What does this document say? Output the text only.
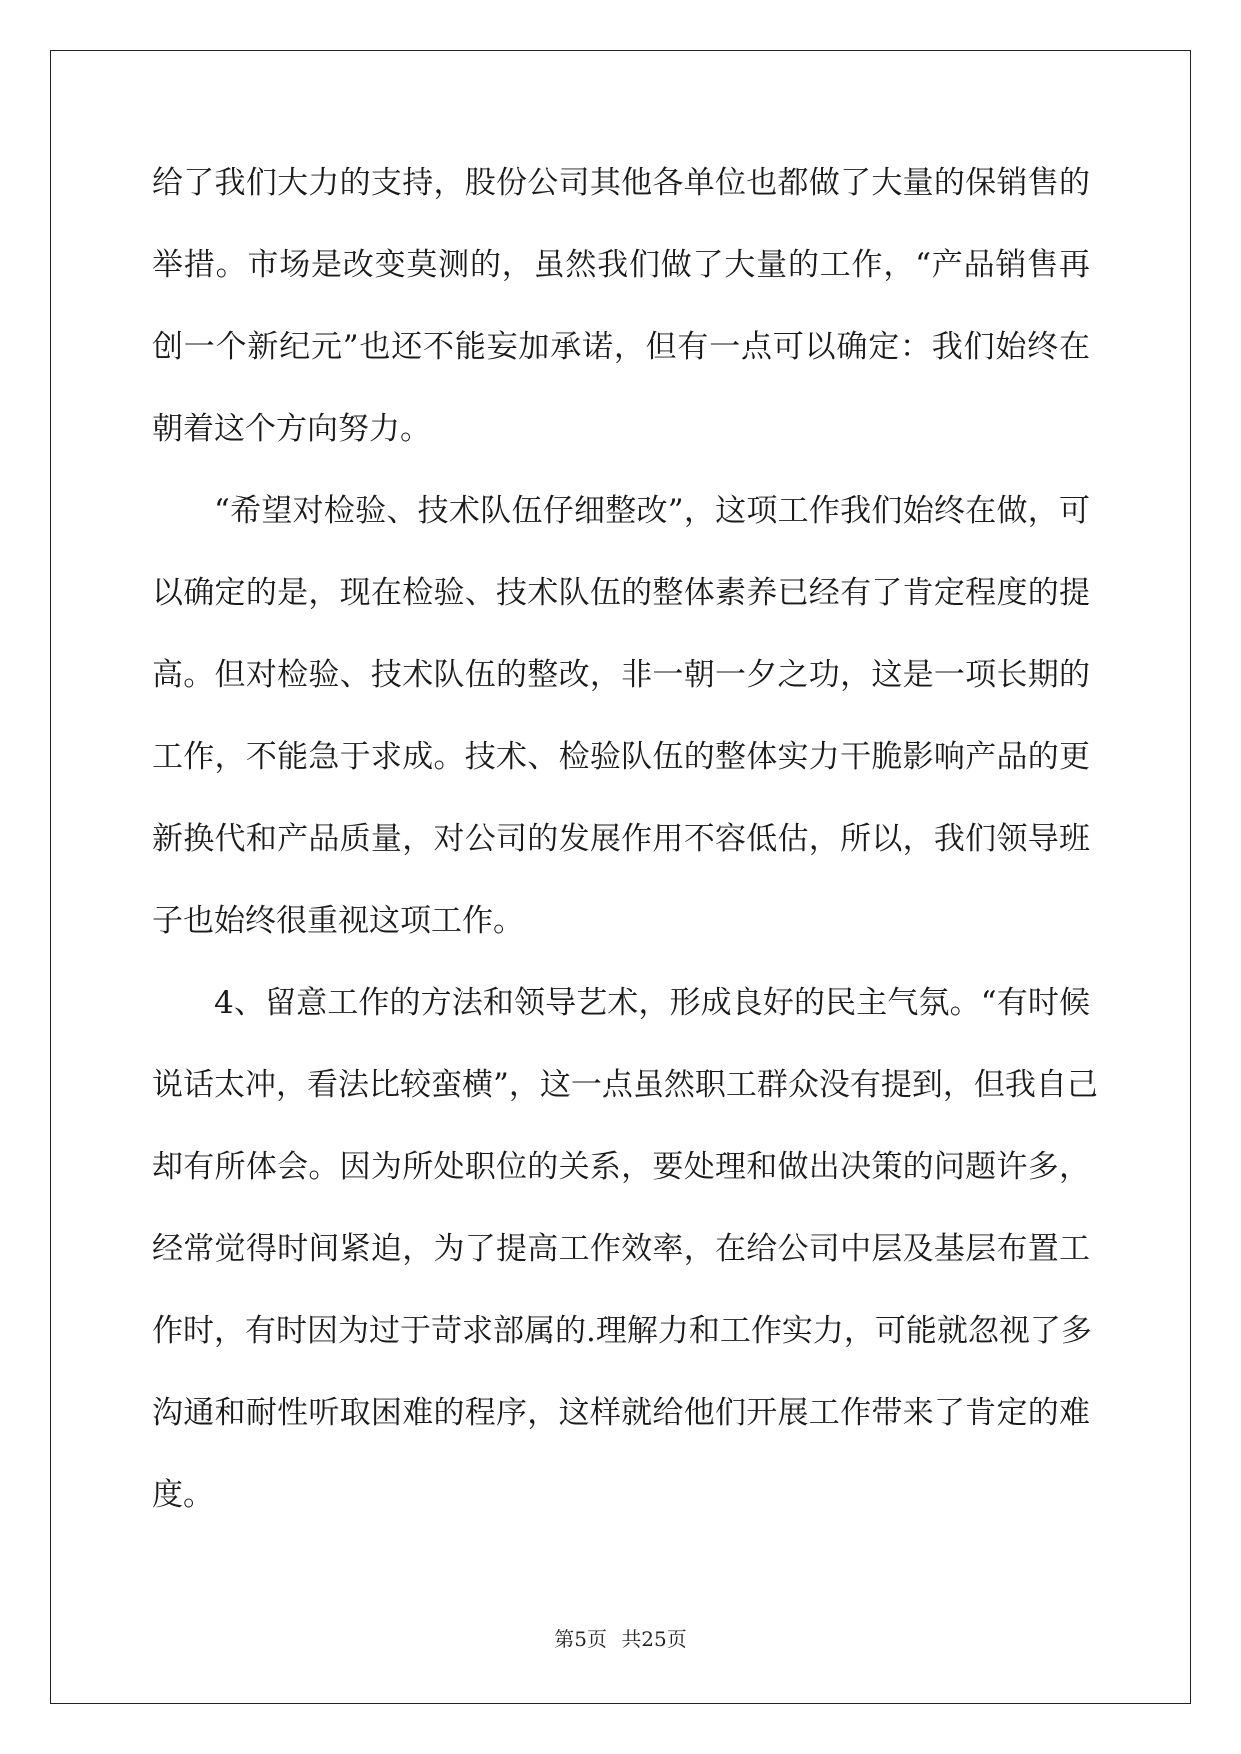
给了我们大力的支持，股份公司其他各单位也都做了大量的保销售的
举措。市场是改变莫测的，虽然我们做了大量的工作，“产品销售再
创一个新纪元”也还不能妄加承诺，但有一点可以确定：我们始终在
朝着这个方向努力。
“希望对检验、技术队伍仔细整改”，这项工作我们始终在做，可
以确定的是，现在检验、技术队伍的整体素养已经有了肯定程度的提
高。但对检验、技术队伍的整改，非一朝一夕之功，这是一项长期的
工作，不能急于求成。技术、检验队伍的整体实力干脆影响产品的更
新换代和产品质量，对公司的发展作用不容低估，所以，我们领导班
子也始终很重视这项工作。
4、留意工作的方法和领导艺术，形成良好的民主气氛。“有时候
说话太冲，看法比较蛮横”，这一点虽然职工群众没有提到，但我自己
却有所体会。因为所处职位的关系，要处理和做出决策的问题许多，
经常觉得时间紧迫，为了提高工作效率，在给公司中层及基层布置工
作时，有时因为过于苛求部属的.理解力和工作实力，可能就忽视了多
沟通和耐性听取困难的程序，这样就给他们开展工作带来了肯定的难
度。
第5页 共25页
